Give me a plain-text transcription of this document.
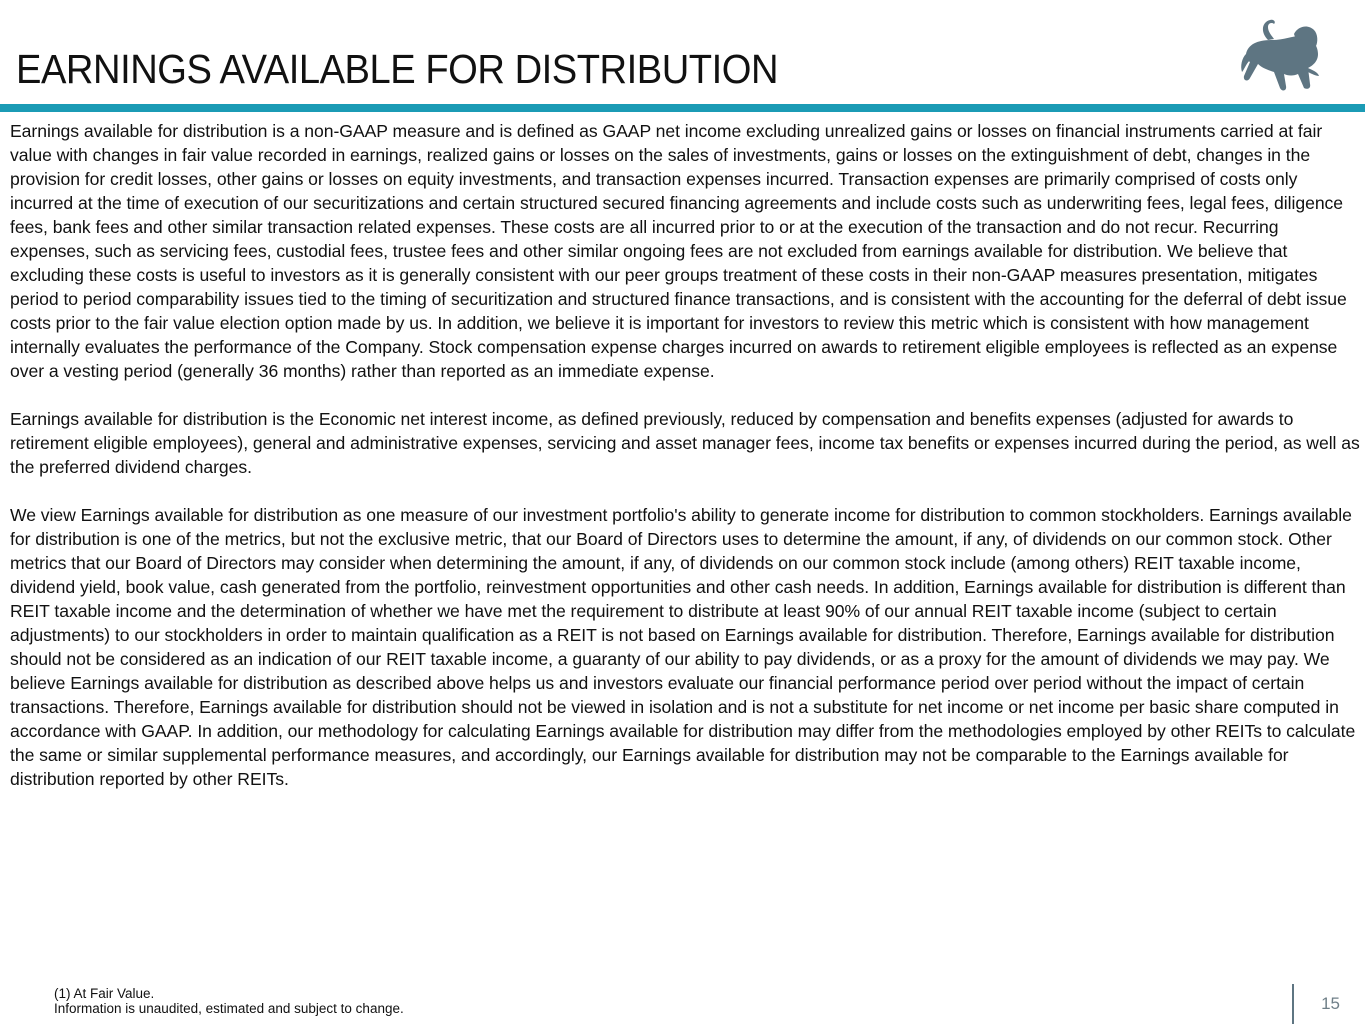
EARNINGS AVAILABLE FOR DISTRIBUTION

Earnings available for distribution is a non-GAAP measure and is defined as GAAP net income excluding unrealized gains or losses on financial instruments carried at fair value with changes in fair value recorded in earnings, realized gains or losses on the sales of investments, gains or losses on the extinguishment of debt, changes in the provision for credit losses, other gains or losses on equity investments, and transaction expenses incurred. Transaction expenses are primarily comprised of costs only incurred at the time of execution of our securitizations and certain structured secured financing agreements and include costs such as underwriting fees, legal fees, diligence fees, bank fees and other similar transaction related expenses. These costs are all incurred prior to or at the execution of the transaction and do not recur. Recurring expenses, such as servicing fees, custodial fees, trustee fees and other similar ongoing fees are not excluded from earnings available for distribution. We believe that excluding these costs is useful to investors as it is generally consistent with our peer groups treatment of these costs in their non-GAAP measures presentation, mitigates period to period comparability issues tied to the timing of securitization and structured finance transactions, and is consistent with the accounting for the deferral of debt issue costs prior to the fair value election option made by us. In addition, we believe it is important for investors to review this metric which is consistent with how management internally evaluates the performance of the Company. Stock compensation expense charges incurred on awards to retirement eligible employees is reflected as an expense over a vesting period (generally 36 months) rather than reported as an immediate expense.

Earnings available for distribution is the Economic net interest income, as defined previously, reduced by compensation and benefits expenses (adjusted for awards to retirement eligible employees), general and administrative expenses, servicing and asset manager fees, income tax benefits or expenses incurred during the period, as well as the preferred dividend charges.

We view Earnings available for distribution as one measure of our investment portfolio's ability to generate income for distribution to common stockholders. Earnings available for distribution is one of the metrics, but not the exclusive metric, that our Board of Directors uses to determine the amount, if any, of dividends on our common stock. Other metrics that our Board of Directors may consider when determining the amount, if any, of dividends on our common stock include (among others) REIT taxable income, dividend yield, book value, cash generated from the portfolio, reinvestment opportunities and other cash needs. In addition, Earnings available for distribution is different than REIT taxable income and the determination of whether we have met the requirement to distribute at least 90% of our annual REIT taxable income (subject to certain adjustments) to our stockholders in order to maintain qualification as a REIT is not based on Earnings available for distribution. Therefore, Earnings available for distribution should not be considered as an indication of our REIT taxable income, a guaranty of our ability to pay dividends, or as a proxy for the amount of dividends we may pay. We believe Earnings available for distribution as described above helps us and investors evaluate our financial performance period over period without the impact of certain transactions. Therefore, Earnings available for distribution should not be viewed in isolation and is not a substitute for net income or net income per basic share computed in accordance with GAAP. In addition, our methodology for calculating Earnings available for distribution may differ from the methodologies employed by other REITs to calculate the same or similar supplemental performance measures, and accordingly, our Earnings available for distribution may not be comparable to the Earnings available for distribution reported by other REITs.

(1) At Fair Value.
Information is unaudited, estimated and subject to change.	15
